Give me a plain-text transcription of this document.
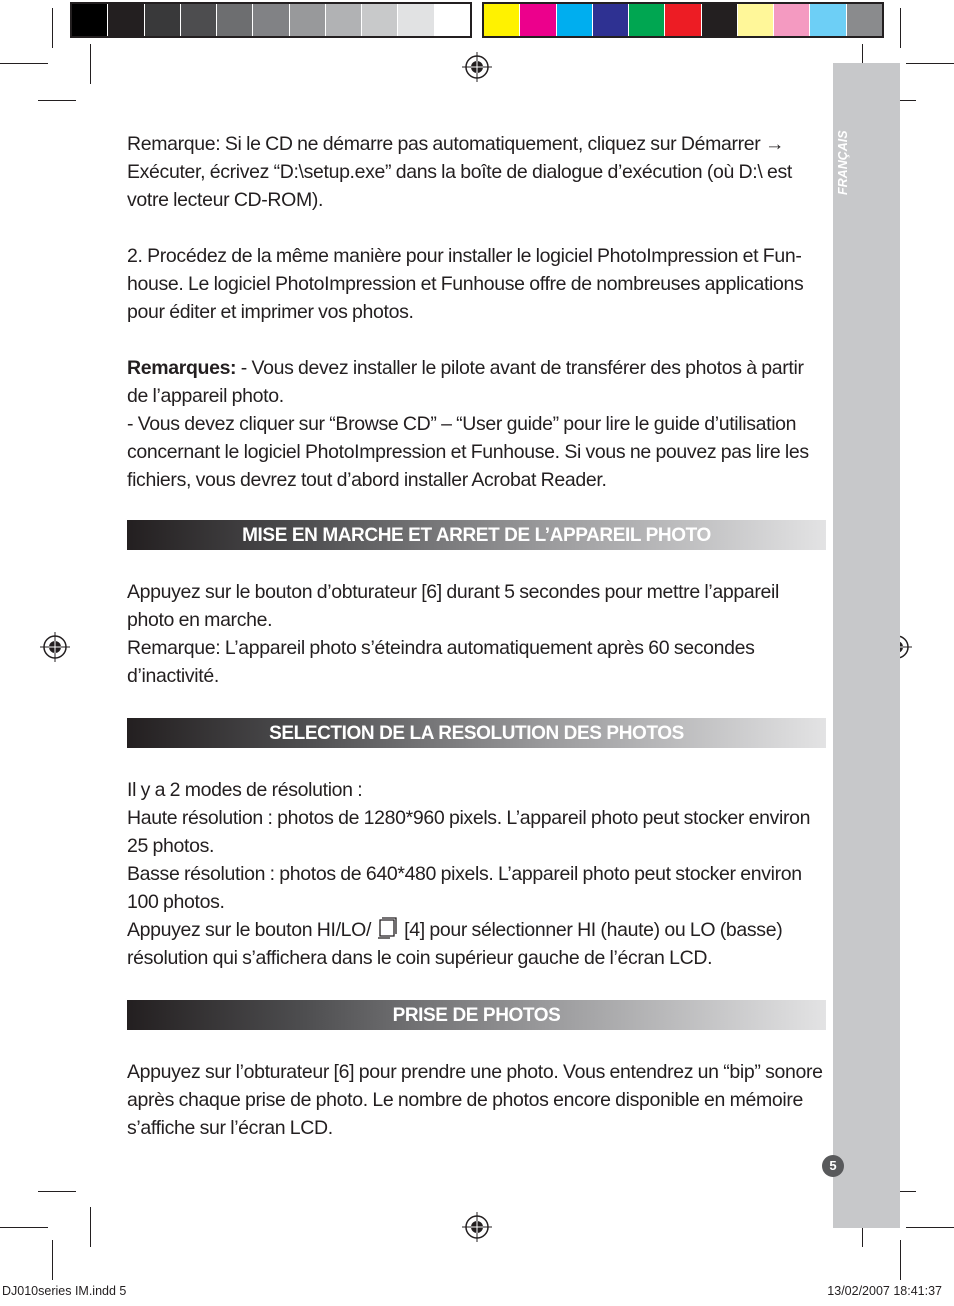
FRANÇAIS
5

Remarque: Si le CD ne démarre pas automatiquement, cliquez sur Démarrer → Exécuter, écrivez “D:\setup.exe” dans la boîte de dialogue d’exécution (où D:\ est votre lecteur CD-ROM).

2. Procédez de la même manière pour installer le logiciel PhotoImpression et Fun-house. Le logiciel PhotoImpression et Funhouse offre de nombreuses applications pour éditer et imprimer vos photos.

Remarques: - Vous devez installer le pilote avant de transférer des photos à partir de l’appareil photo.

- Vous devez cliquer sur “Browse CD” – “User guide” pour lire le guide d’utilisation concernant le logiciel PhotoImpression et Funhouse. Si vous ne pouvez pas lire les fichiers, vous devrez tout d’abord installer Acrobat Reader.

MISE EN MARCHE ET ARRET DE L’APPAREIL PHOTO

Appuyez sur le bouton d’obturateur [6] durant 5 secondes pour mettre l’appareil photo en marche.

Remarque: L’appareil photo s’éteindra automatiquement après 60 secondes d’inactivité.

SELECTION DE LA RESOLUTION DES PHOTOS

Il y a 2 modes de résolution :

Haute résolution : photos de 1280*960 pixels. L’appareil photo peut stocker environ 25 photos.

Basse résolution : photos de 640*480 pixels. L’appareil photo peut stocker environ 100 photos.

Appuyez sur le bouton HI/LO/  [4] pour sélectionner HI (haute) ou LO (basse) résolution qui s’affichera dans le coin supérieur gauche de l’écran LCD.

PRISE DE PHOTOS

Appuyez sur l’obturateur [6] pour prendre une photo. Vous entendrez un “bip” sonore après chaque prise de photo. Le nombre de photos encore disponible en mémoire s’affiche sur l’écran LCD.

DJ010series IM.indd 5	13/02/2007 18:41:37
